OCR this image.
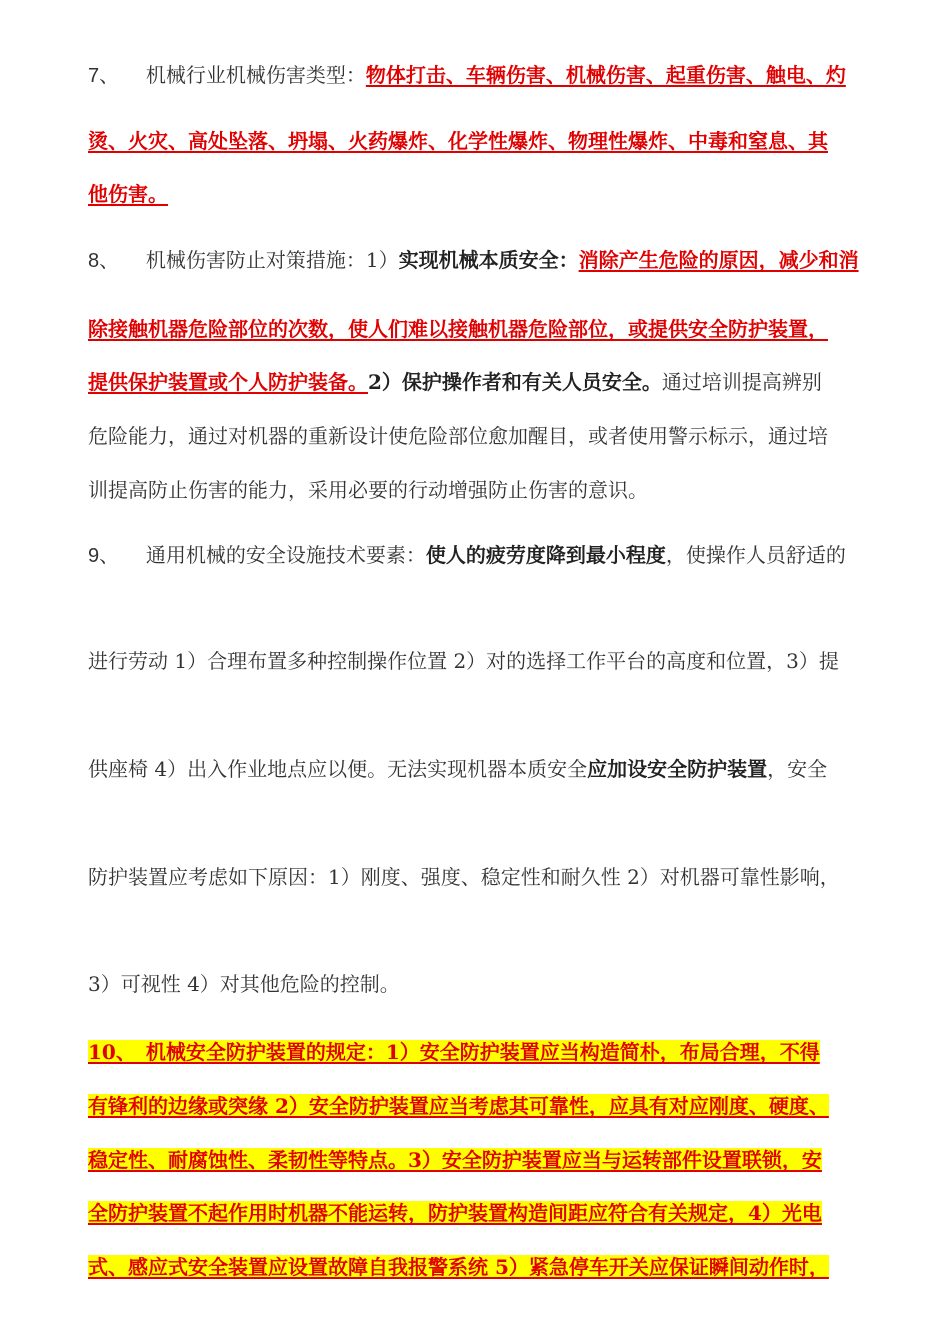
7、 机械行业机械伤害类型：物体打击、车辆伤害、机械伤害、起重伤害、触电、灼
烫、火灾、高处坠落、坍塌、火药爆炸、化学性爆炸、物理性爆炸、中毒和窒息、其
他伤害。
8、 机械伤害防止对策措施：1）实现机械本质安全：消除产生危险的原因，减少和消
除接触机器危险部位的次数，使人们难以接触机器危险部位，或提供安全防护装置，
提供保护装置或个人防护装备。2）保护操作者和有关人员安全。通过培训提高辨别
危险能力，通过对机器的重新设计使危险部位愈加醒目，或者使用警示标示，通过培
训提高防止伤害的能力，采用必要的行动增强防止伤害的意识。
9、 通用机械的安全设施技术要素：使人的疲劳度降到最小程度，使操作人员舒适的
进行劳动 1）合理布置多种控制操作位置 2）对的选择工作平台的高度和位置，3）提
供座椅 4）出入作业地点应以便。无法实现机器本质安全应加设安全防护装置，安全
防护装置应考虑如下原因：1）刚度、强度、稳定性和耐久性 2）对机器可靠性影响，
3）可视性 4）对其他危险的控制。
10、　机械安全防护装置的规定：1）安全防护装置应当构造简朴，布局合理，不得
有锋利的边缘或突缘 2）安全防护装置应当考虑其可靠性，应具有对应刚度、硬度、
稳定性、耐腐蚀性、柔韧性等特点。3）安全防护装置应当与运转部件设置联锁，安
全防护装置不起作用时机器不能运转，防护装置构造间距应符合有关规定，4）光电
式、感应式安全装置应设置故障自我报警系统 5）紧急停车开关应保证瞬间动作时，
